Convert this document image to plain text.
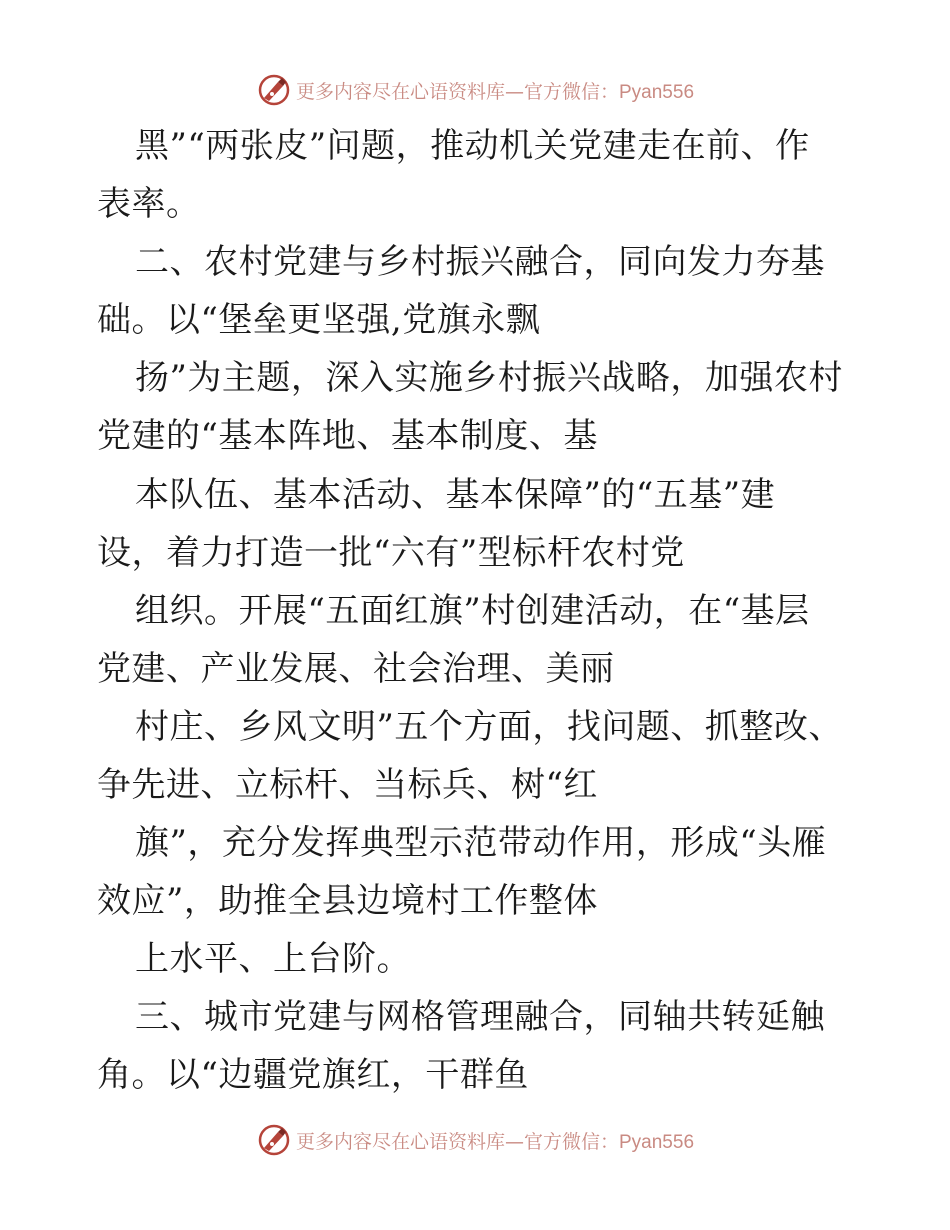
更多内容尽在心语资料库—官方微信：Pyan556
黑”“两张皮”问题，推动机关党建走在前、作
表率。
二、农村党建与乡村振兴融合，同向发力夯基
础。以“堡垒更坚强,党旗永飘
扬”为主题，深入实施乡村振兴战略，加强农村
党建的“基本阵地、基本制度、基
本队伍、基本活动、基本保障”的“五基”建
设，着力打造一批“六有”型标杆农村党
组织。开展“五面红旗”村创建活动，在“基层
党建、产业发展、社会治理、美丽
村庄、乡风文明”五个方面，找问题、抓整改、
争先进、立标杆、当标兵、树“红
旗”，充分发挥典型示范带动作用，形成“头雁
效应”，助推全县边境村工作整体
上水平、上台阶。
三、城市党建与网格管理融合，同轴共转延触
角。以“边疆党旗红，干群鱼
更多内容尽在心语资料库—官方微信：Pyan556
